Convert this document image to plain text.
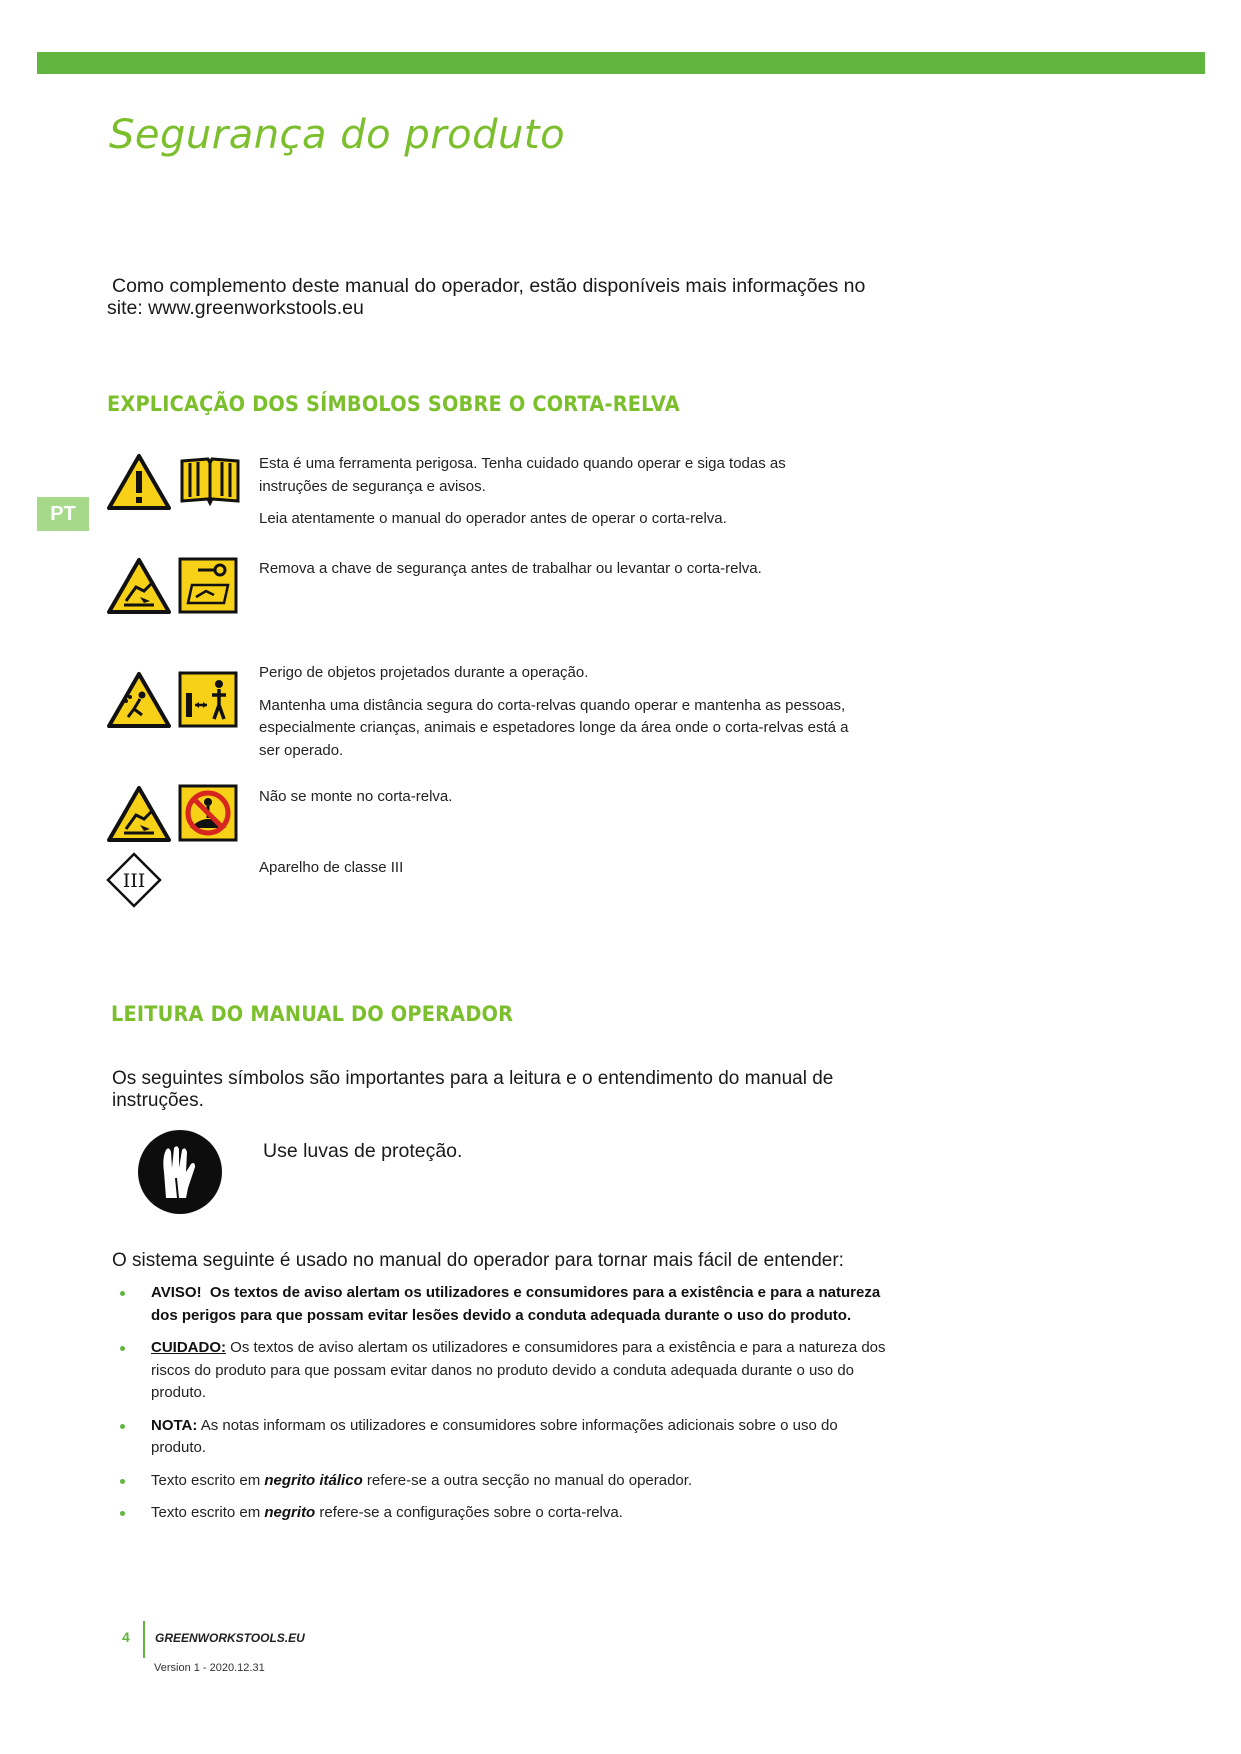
Segurança do produto
Como complemento deste manual do operador, estão disponíveis mais informações no
site: www.greenworkstools.eu
EXPLICAÇÃO DOS SÍMBOLOS SOBRE O CORTA-RELVA
PT

Esta é uma ferramenta perigosa. Tenha cuidado quando operar e siga todas as instruções de segurança e avisos.

Leia atentamente o manual do operador antes de operar o corta-relva.

Remova a chave de segurança antes de trabalhar ou levantar o corta-relva.

Perigo de objetos projetados durante a operação.

Mantenha uma distância segura do corta-relvas quando operar e mantenha as pessoas, especialmente crianças, animais e espetadores longe da área onde o corta-relvas está a ser operado.

Não se monte no corta-relva.
III
Aparelho de classe III
LEITURA DO MANUAL DO OPERADOR
Os seguintes símbolos são importantes para a leitura e o entendimento do manual de instruções.
Use luvas de proteção.
O sistema seguinte é usado no manual do operador para tornar mais fácil de entender:
AVISO! Os textos de aviso alertam os utilizadores e consumidores para a existência e para a natureza dos perigos para que possam evitar lesões devido a conduta adequada durante o uso do produto.
CUIDADO: Os textos de aviso alertam os utilizadores e consumidores para a existência e para a natureza dos riscos do produto para que possam evitar danos no produto devido a conduta adequada durante o uso do produto.
NOTA: As notas informam os utilizadores e consumidores sobre informações adicionais sobre o uso do produto.
Texto escrito em negrito itálico refere-se a outra secção no manual do operador.
Texto escrito em negrito refere-se a configurações sobre o corta-relva.
4 GREENWORKSTOOLS.EU
Version 1 - 2020.12.31
